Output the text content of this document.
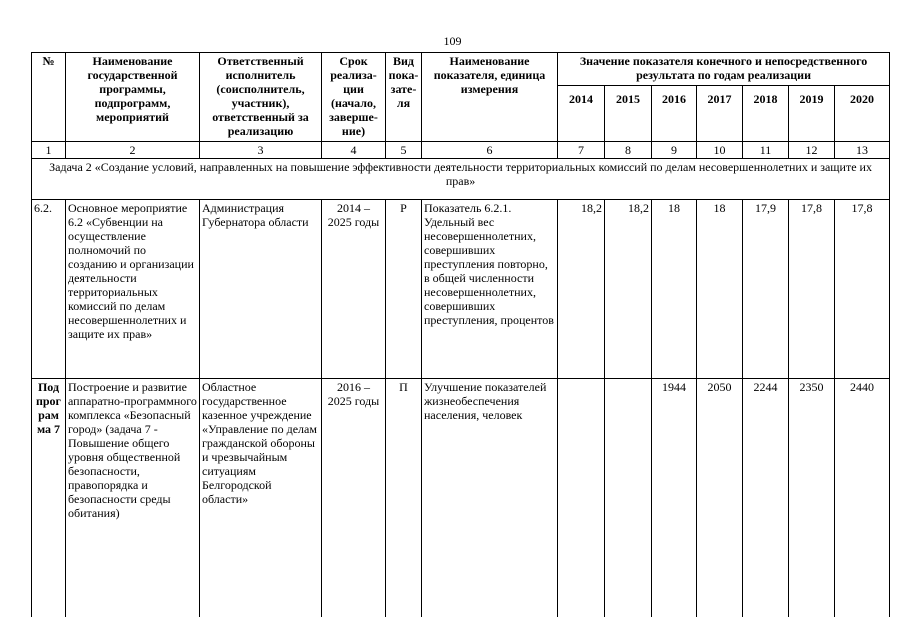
109
№	Наименование государственной программы, подпрограмм, мероприятий	Ответственный исполнитель (соисполнитель, участник), ответственный за реализацию	Срок реализа-ции (начало, заверше-ние)	Вид пока-зате-ля	Наименование показателя, единица измерения	Значение показателя конечного и непосредственного результата по годам реализации						
						2014	2015	2016	2017	2018	2019	2020
1	2	3	4	5	6	7	8	9	10	11	12	13
Задача 2 «Создание условий, направленных на повышение эффективности деятельности территориальных комиссий по делам несовершеннолетних и защите их прав»												
6.2.	Основное мероприятие 6.2 «Субвенции на осуществление полномочий по созданию и организации деятельности территориальных комиссий по делам несовершеннолетних и защите их прав»	Администрация Губернатора области	2014 – 2025 годы	Р	Показатель 6.2.1. Удельный вес несовершеннолетних, совершивших преступления повторно, в общей численности несовершеннолетних, совершивших преступления, процентов	18,2	18,2	18	18	17,9	17,8	17,8
Под прог рам ма 7	Построение и развитие аппаратно-программного комплекса «Безопасный город» (задача 7 - Повышение общего уровня общественной безопасности, правопорядка и безопасности среды обитания)	Областное государственное казенное учреждение «Управление по делам гражданской обороны и чрезвычайным ситуациям Белгородской области»	2016 – 2025 годы	П	Улучшение показателей жизнеобеспечения населения, человек			1944	2050	2244	2350	2440
